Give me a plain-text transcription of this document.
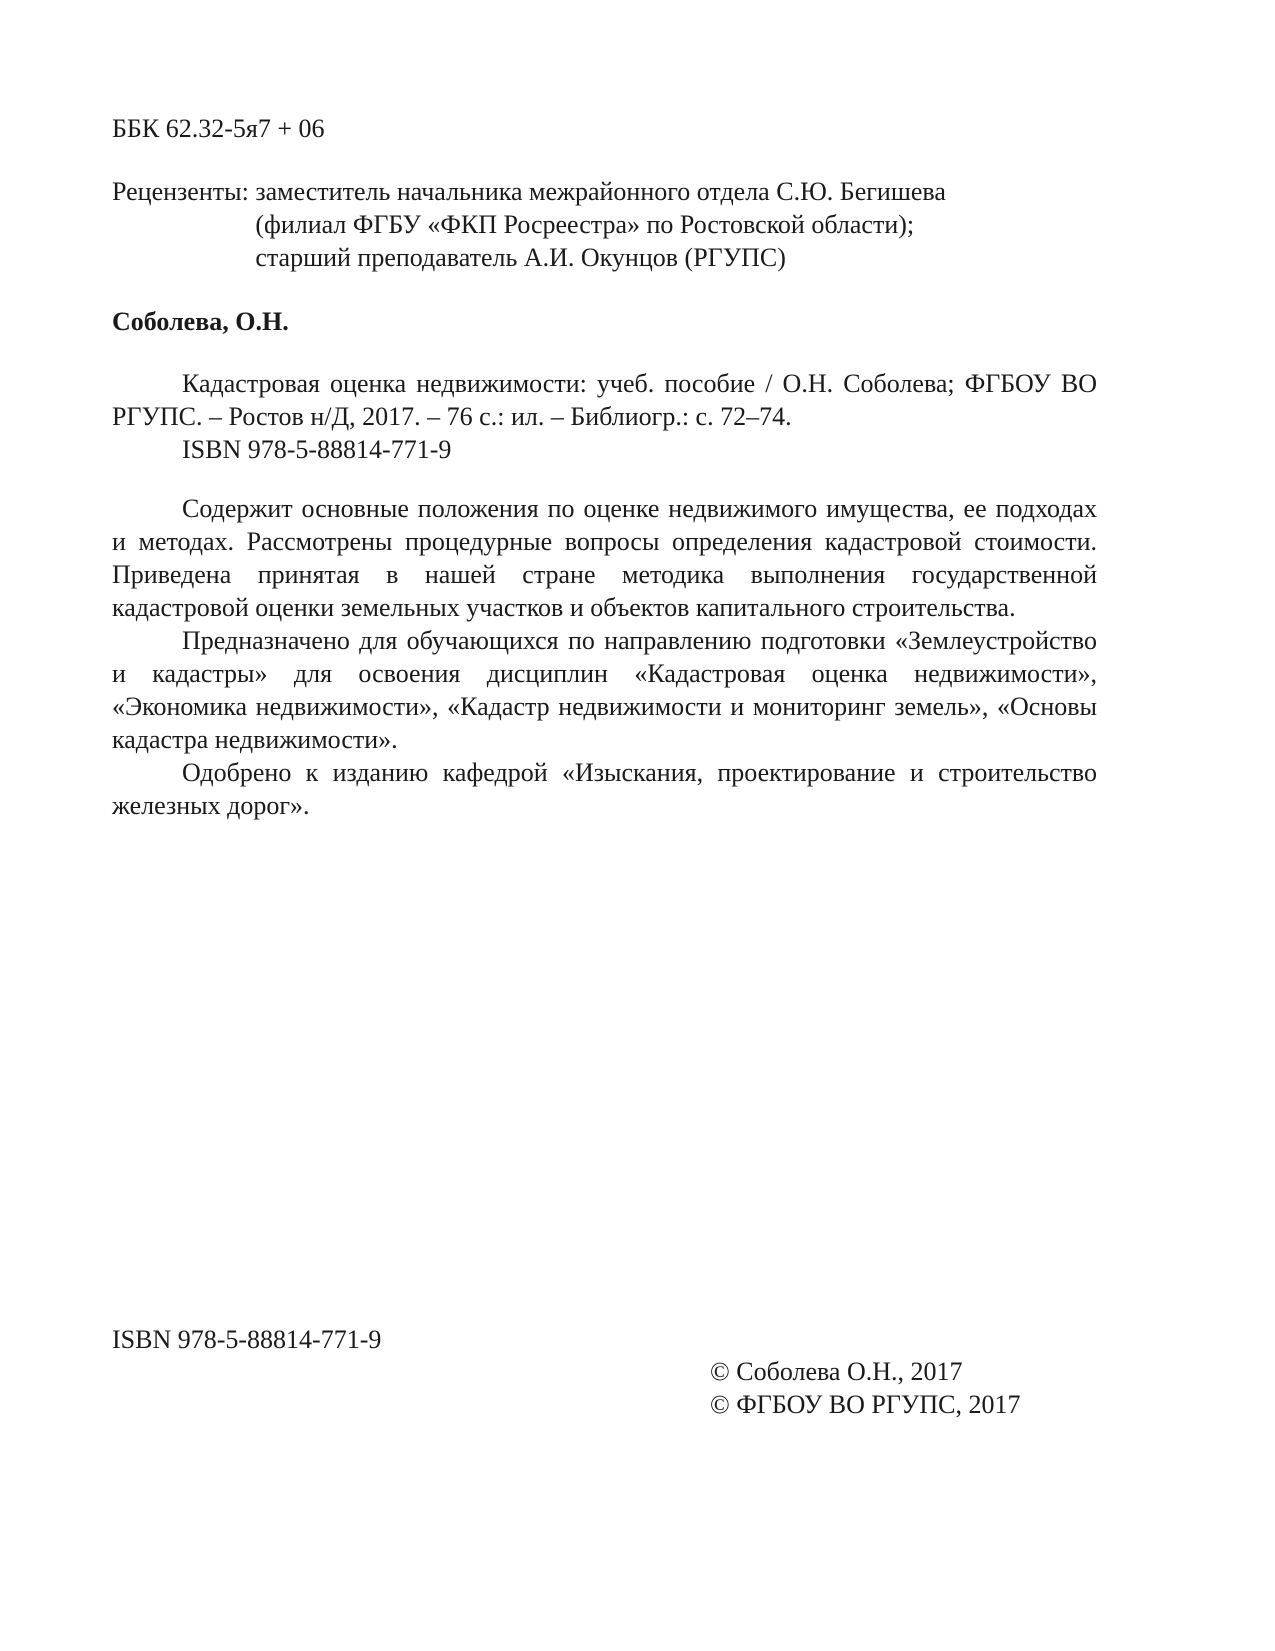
ББК 62.32-5я7 + 06
Рецензенты: заместитель начальника межрайонного отдела С.Ю. Бегишева
(филиал ФГБУ «ФКП Росреестра» по Ростовской области);
старший преподаватель А.И. Окунцов (РГУПС)
Соболева, О.Н.

Кадастровая оценка недвижимости: учеб. пособие / О.Н. Соболева; ФГБОУ ВО РГУПС. – Ростов н/Д, 2017. – 76 с.: ил. – Библиогр.: с. 72–74.

ISBN 978-5-88814-771-9

Содержит основные положения по оценке недвижимого имущества, ее подходах и методах. Рассмотрены процедурные вопросы определения кадастровой стоимости. Приведена принятая в нашей стране методика выполнения государственной кадастровой оценки земельных участков и объектов капитального строительства.

Предназначено для обучающихся по направлению подготовки «Землеустройство и кадастры» для освоения дисциплин «Кадастровая оценка недвижимости», «Экономика недвижимости», «Кадастр недвижимости и мониторинг земель», «Основы кадастра недвижимости».

Одобрено к изданию кафедрой «Изыскания, проектирование и строительство железных дорог».

ISBN 978-5-88814-771-9
© Соболева О.Н., 2017
© ФГБОУ ВО РГУПС, 2017
